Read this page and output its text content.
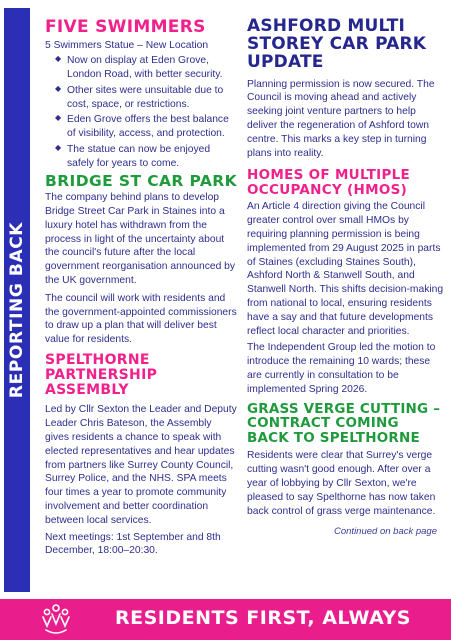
REPORTING BACK
FIVE SWIMMERS
5 Swimmers Statue – New Location
◆ Now on display at Eden Grove, London Road, with better security.
◆ Other sites were unsuitable due to cost, space, or restrictions.
◆ Eden Grove offers the best balance of visibility, access, and protection.
◆ The statue can now be enjoyed safely for years to come.
BRIDGE ST CAR PARK

The company behind plans to develop Bridge Street Car Park in Staines into a luxury hotel has withdrawn from the process in light of the uncertainty about the council's future after the local government reorganisation announced by the UK government.

The council will work with residents and the government-appointed commissioners to draw up a plan that will deliver best value for residents.

SPELTHORNE PARTNERSHIP ASSEMBLY

Led by Cllr Sexton the Leader and Deputy Leader Chris Bateson, the Assembly gives residents a chance to speak with elected representatives and hear updates from partners like Surrey County Council, Surrey Police, and the NHS. SPA meets four times a year to promote community involvement and better coordination between local services.

Next meetings: 1st September and 8th December, 18:00–20:30.

ASHFORD MULTI STOREY CAR PARK UPDATE

Planning permission is now secured. The Council is moving ahead and actively seeking joint venture partners to help deliver the regeneration of Ashford town centre. This marks a key step in turning plans into reality.

HOMES OF MULTIPLE OCCUPANCY (HMOS)

An Article 4 direction giving the Council greater control over small HMOs by requiring planning permission is being implemented from 29 August 2025 in parts of Staines (excluding Staines South), Ashford North & Stanwell South, and Stanwell North. This shifts decision-making from national to local, ensuring residents have a say and that future developments reflect local character and priorities.

The Independent Group led the motion to introduce the remaining 10 wards; these are currently in consultation to be implemented Spring 2026.

GRASS VERGE CUTTING – CONTRACT COMING BACK TO SPELTHORNE

Residents were clear that Surrey's verge cutting wasn't good enough. After over a year of lobbying by Cllr Sexton, we're pleased to say Spelthorne has now taken back control of grass verge maintenance.

Continued on back page
RESIDENTS FIRST, ALWAYS
